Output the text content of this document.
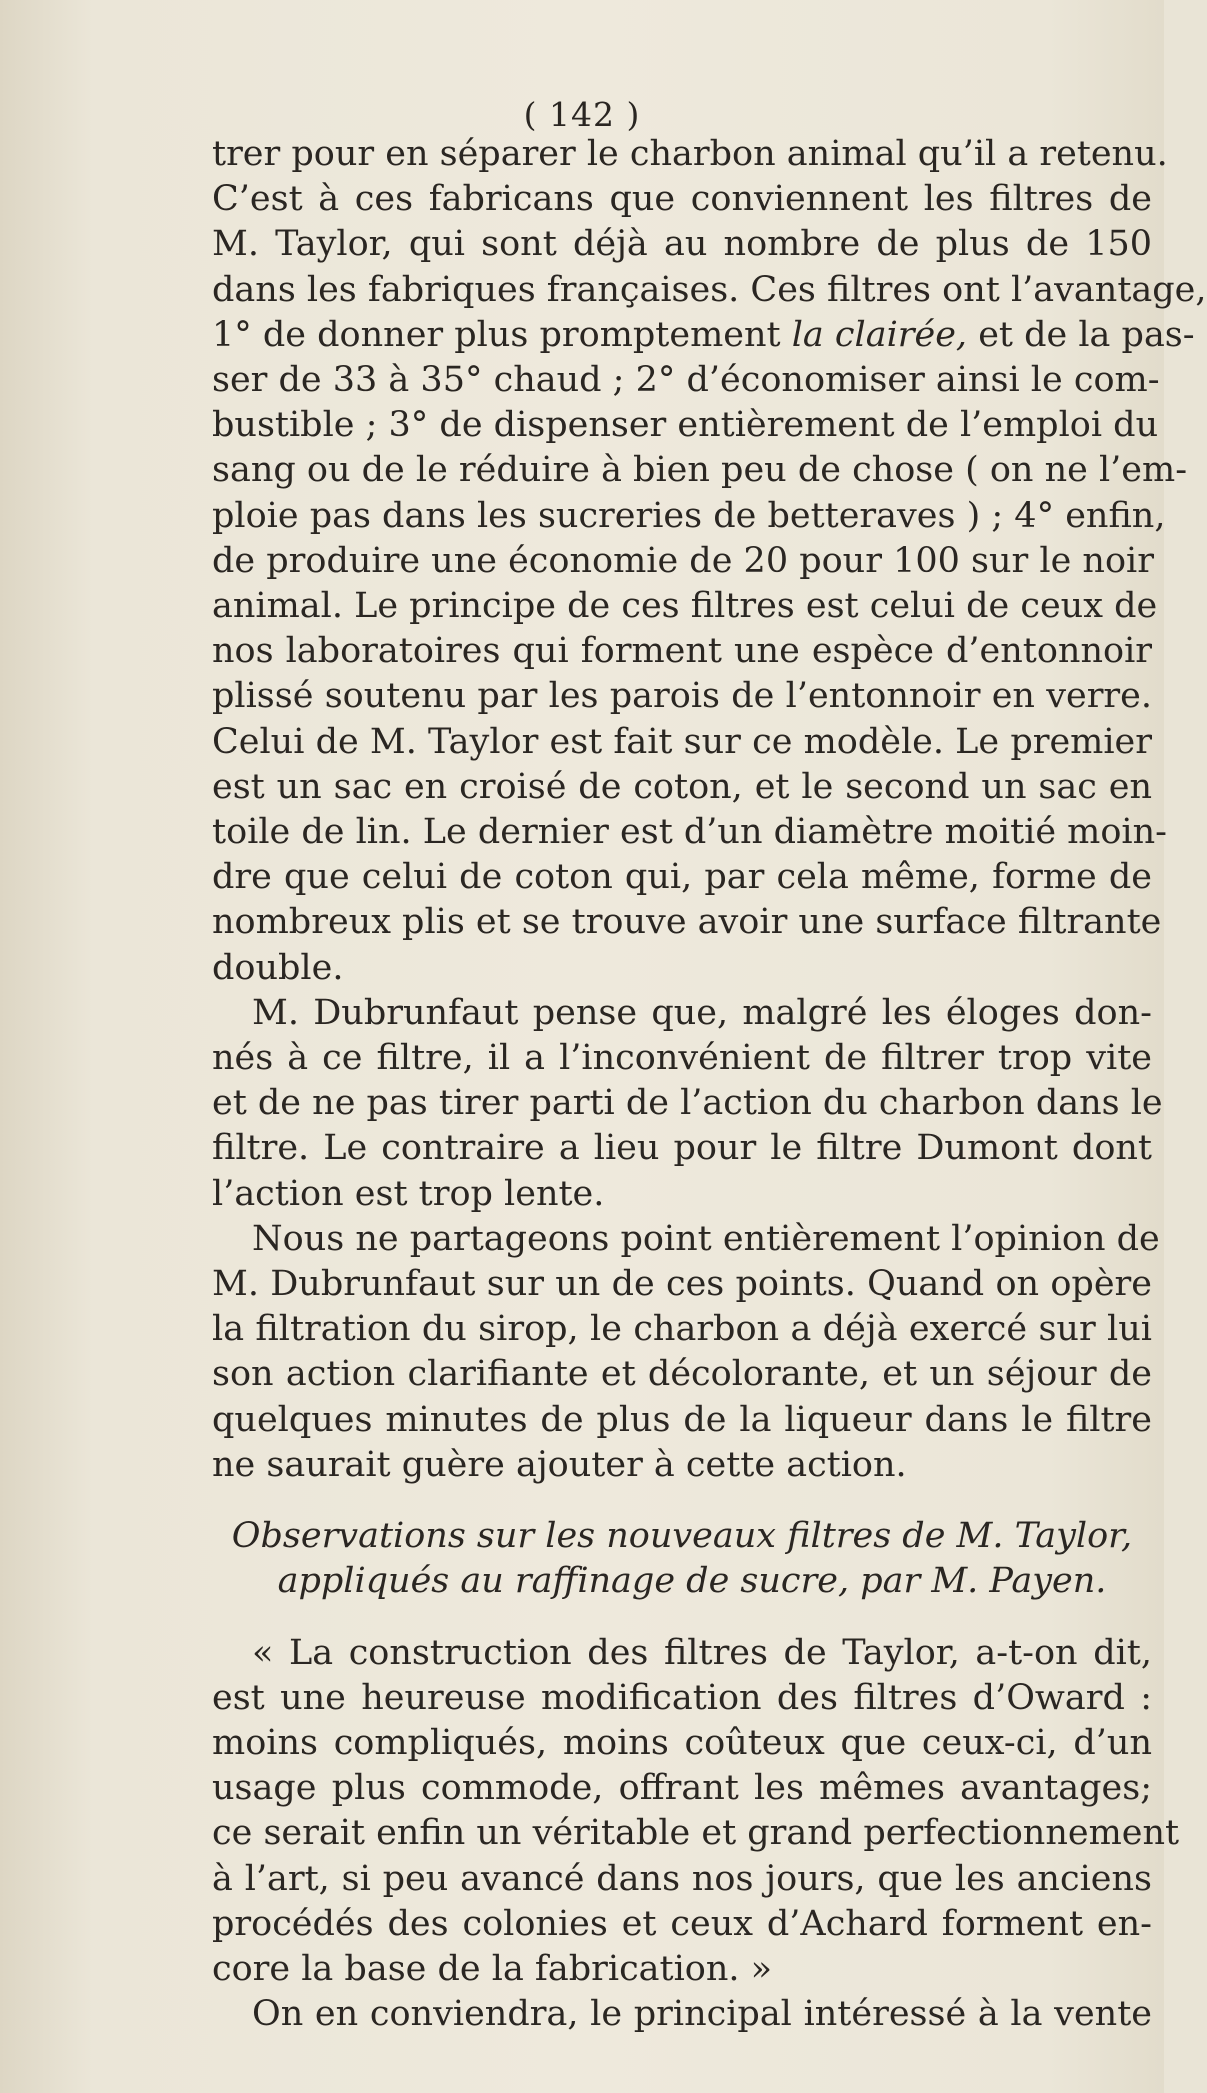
( 142 )
trer pour en séparer le charbon animal qu’il a retenu.
C’est à ces fabricans que conviennent les filtres de
M. Taylor, qui sont déjà au nombre de plus de 150
dans les fabriques françaises. Ces filtres ont l’avantage,
1° de donner plus promptement la clairée, et de la pas-
ser de 33 à 35° chaud ; 2° d’économiser ainsi le com-
bustible ; 3° de dispenser entièrement de l’emploi du
sang ou de le réduire à bien peu de chose ( on ne l’em-
ploie pas dans les sucreries de betteraves ) ; 4° enfin,
de produire une économie de 20 pour 100 sur le noir
animal. Le principe de ces filtres est celui de ceux de
nos laboratoires qui forment une espèce d’entonnoir
plissé soutenu par les parois de l’entonnoir en verre.
Celui de M. Taylor est fait sur ce modèle. Le premier
est un sac en croisé de coton, et le second un sac en
toile de lin. Le dernier est d’un diamètre moitié moin-
dre que celui de coton qui, par cela même, forme de
nombreux plis et se trouve avoir une surface filtrante
double.
M. Dubrunfaut pense que, malgré les éloges don-
nés à ce filtre, il a l’inconvénient de filtrer trop vite
et de ne pas tirer parti de l’action du charbon dans le
filtre. Le contraire a lieu pour le filtre Dumont dont
l’action est trop lente.
Nous ne partageons point entièrement l’opinion de
M. Dubrunfaut sur un de ces points. Quand on opère
la filtration du sirop, le charbon a déjà exercé sur lui
son action clarifiante et décolorante, et un séjour de
quelques minutes de plus de la liqueur dans le filtre
ne saurait guère ajouter à cette action.
Observations sur les nouveaux filtres de M. Taylor,
appliqués au raffinage de sucre, par M. Payen.
« La construction des filtres de Taylor, a-t-on dit,
est une heureuse modification des filtres d’Oward :
moins compliqués, moins coûteux que ceux-ci, d’un
usage plus commode, offrant les mêmes avantages;
ce serait enfin un véritable et grand perfectionnement
à l’art, si peu avancé dans nos jours, que les anciens
procédés des colonies et ceux d’Achard forment en-
core la base de la fabrication. »
On en conviendra, le principal intéressé à la vente
